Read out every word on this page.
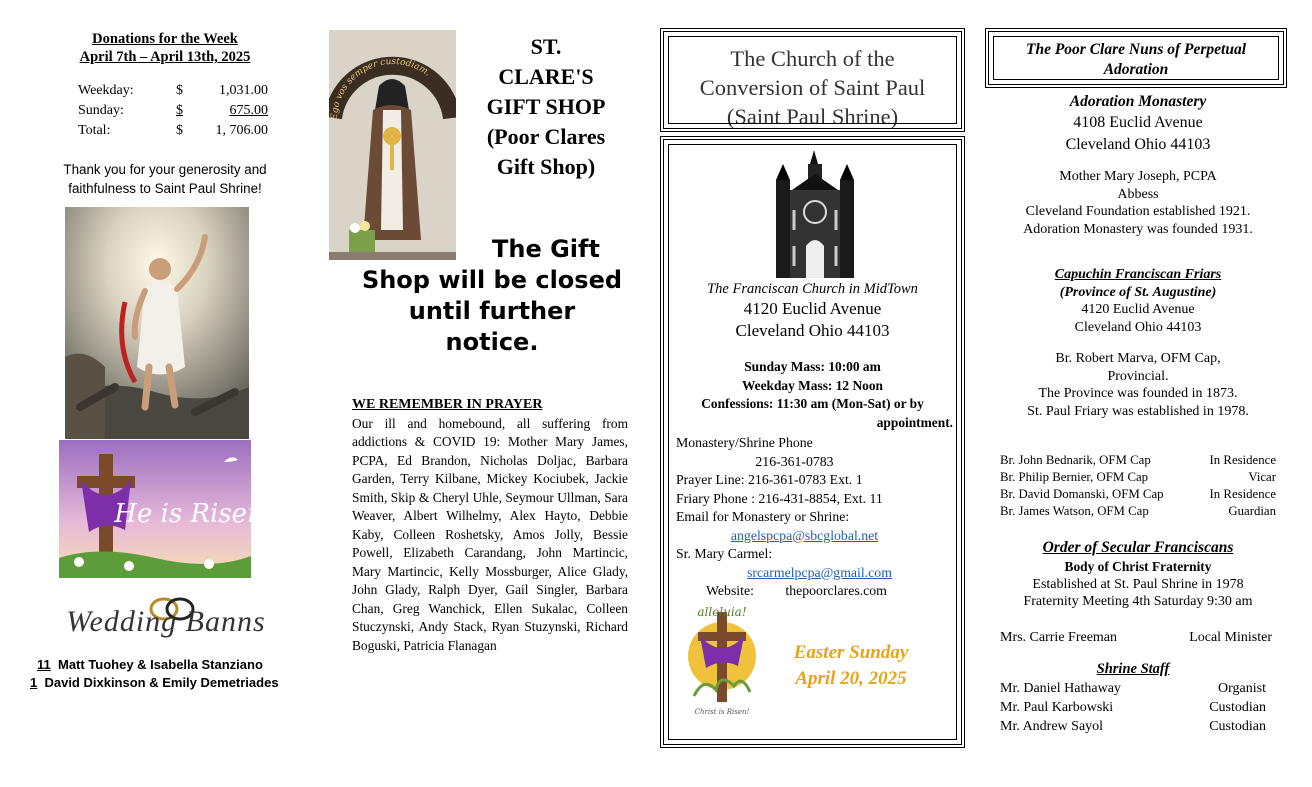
Donations for the Week
April 7th – April 13th, 2025
Weekday:	$	1,031.00
Sunday:	$	675.00
Total:	$	1, 706.00
Thank you for your generosity and
faithfulness to Saint Paul Shrine!
He is Risen
Wedding Banns
11 Matt Tuohey & Isabella Stanziano
1 David Dixkinson & Emily Demetriades
Ego vos semper custodiam.
ST.
CLARE'S
GIFT SHOP
(Poor Clares
Gift Shop)
The Gift
Shop will be closed
until further
notice.
WE REMEMBER IN PRAYER
Our ill and homebound, all suffering from addictions & COVID 19: Mother Mary James, PCPA, Ed Brandon, Nicholas Doljac, Barbara Garden, Terry Kilbane, Mickey Kociubek, Jackie Smith, Skip & Cheryl Uhle, Seymour Ullman, Sara Weaver, Albert Wilhelmy, Alex Hayto, Debbie Kaby, Colleen Roshetsky, Amos Jolly, Bessie Powell, Elizabeth Carandang, John Martincic, Mary Martincic, Kelly Mossburger, Alice Glady, John Glady, Ralph Dyer, Gail Singler, Barbara Chan, Greg Wanchick, Ellen Sukalac, Colleen Stuczynski, Andy Stack, Ryan Stuzynski, Richard Boguski, Patricia Flanagan
The Church of the
Conversion of Saint Paul
(Saint Paul Shrine)
The Franciscan Church in MidTown
4120 Euclid Avenue
Cleveland Ohio 44103
Sunday Mass: 10:00 am
Weekday Mass: 12 Noon
Confessions: 11:30 am (Mon-Sat) or by
appointment.
Monastery/Shrine Phone
216-361-0783
Prayer Line: 216-361-0783 Ext. 1
Friary Phone : 216-431-8854, Ext. 11
Email for Monastery or Shrine:
angelspcpa@sbcglobal.net
Sr. Mary Carmel:
srcarmelpcpa@gmail.com
Website: thepoorclares.com
alleluia!
Christ is Risen!
Easter Sunday
April 20, 2025
The Poor Clare Nuns of Perpetual Adoration
Adoration Monastery
4108 Euclid Avenue
Cleveland Ohio 44103
Mother Mary Joseph, PCPA
Abbess
Cleveland Foundation established 1921.
Adoration Monastery was founded 1931.
Capuchin Franciscan Friars
(Province of St. Augustine)
4120 Euclid Avenue
Cleveland Ohio 44103
Br. Robert Marva, OFM Cap,
Provincial.
The Province was founded in 1873.
St. Paul Friary was established in 1978.
Br. John Bednarik, OFM Cap	In Residence
Br. Philip Bernier, OFM Cap	Vicar
Br. David Domanski, OFM Cap	In Residence
Br. James Watson, OFM Cap	Guardian
Order of Secular Franciscans
Body of Christ Fraternity
Established at St. Paul Shrine in 1978
Fraternity Meeting 4th Saturday 9:30 am
Mrs. Carrie Freeman	Local Minister
Shrine Staff
Mr. Daniel Hathaway	Organist
Mr. Paul Karbowski	Custodian
Mr. Andrew Sayol	Custodian
